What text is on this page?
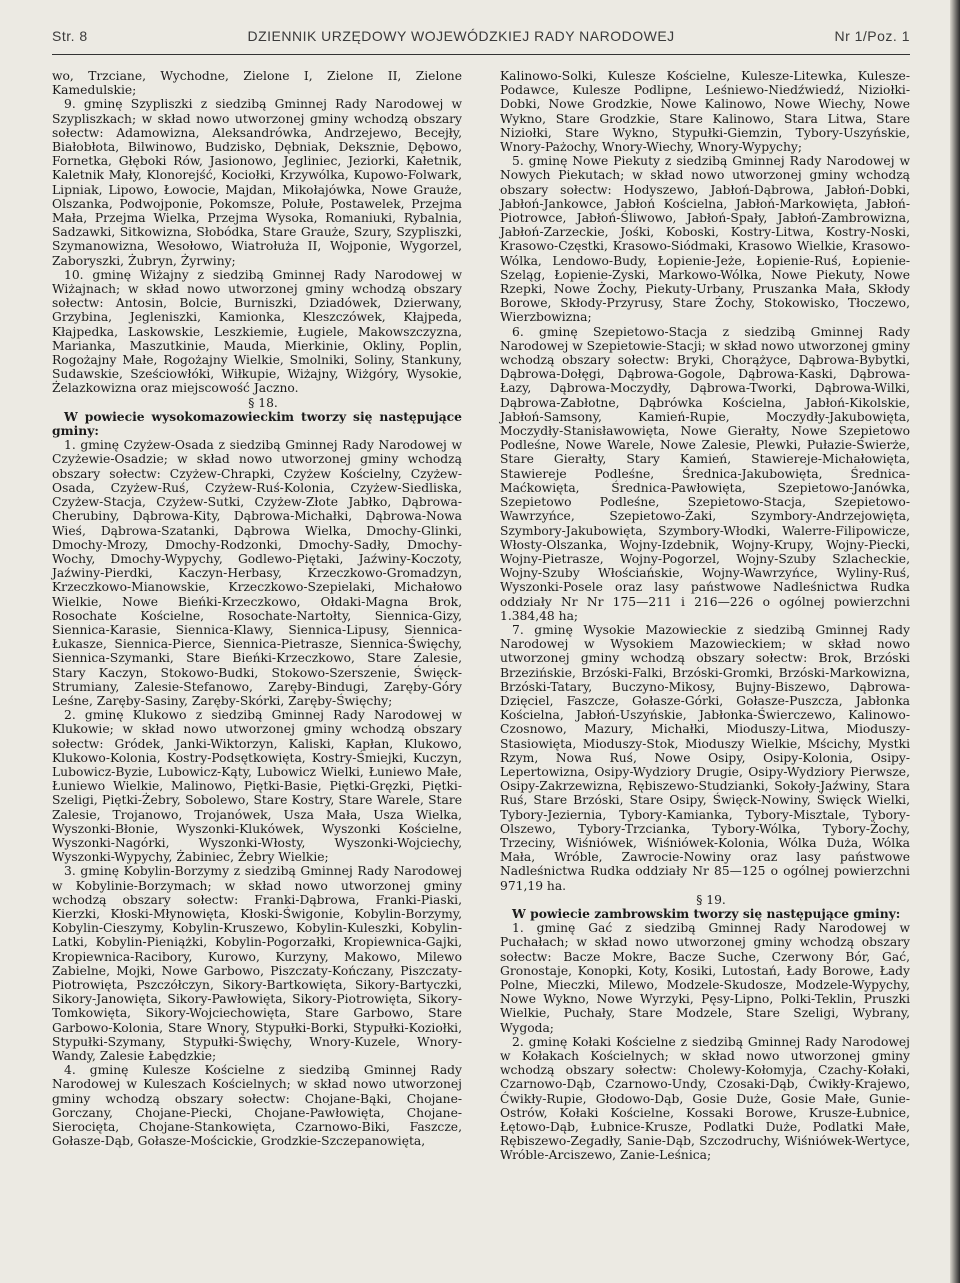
Str. 8	DZIENNIK URZĘDOWY WOJEWÓDZKIEJ RADY NARODOWEJ	Nr 1/Poz. 1

wo, Trzciane, Wychodne, Zielone I, Zielone II, Zielone Kamedulskie;

9. gminę Szypliszki z siedzibą Gminnej Rady Narodowej w Szypliszkach; w skład nowo utworzonej gminy wchodzą obszary sołectw: Adamowizna, Aleksandrówka, Andrzejewo, Becejły, Białobłota, Bilwinowo, Budzisko, Dębniak, Deksznie, Dębowo, Fornetka, Głęboki Rów, Jasionowo, Jegliniec, Jeziorki, Kałetnik, Kaletnik Mały, Klonorejść, Kociołki, Krzywólka, Kupowo-Folwark, Lipniak, Lipowo, Łowocie, Majdan, Mikołajówka, Nowe Grauże, Olszanka, Podwojponie, Pokomsze, Polułe, Postawelek, Przejma Mała, Przejma Wielka, Przejma Wysoka, Romaniuki, Rybalnia, Sadzawki, Sitkowizna, Słobódka, Stare Grauże, Szury, Szypliszki, Szymanowizna, Wesołowo, Wiatrołuża II, Wojponie, Wygorzel, Zaboryszki, Żubryn, Żyrwiny;

10. gminę Wiżajny z siedzibą Gminnej Rady Narodowej w Wiżajnach; w skład nowo utworzonej gminy wchodzą obszary sołectw: Antosin, Bolcie, Burniszki, Dziadówek, Dzierwany, Grzybina, Jegleniszki, Kamionka, Kleszczówek, Kłajpeda, Kłajpedka, Laskowskie, Leszkiemie, Ługiele, Makowszczyzna, Marianka, Maszutkinie, Mauda, Mierkinie, Okliny, Poplin, Rogożajny Małe, Rogożajny Wielkie, Smolniki, Soliny, Stankuny, Sudawskie, Sześciowłóki, Wiłkupie, Wiżajny, Wiżgóry, Wysokie, Żelazkowizna oraz miejscowość Jaczno.

§ 18.

W powiecie wysokomazowieckim tworzy się następujące gminy:

1. gminę Czyżew-Osada z siedzibą Gminnej Rady Narodowej w Czyżewie-Osadzie; w skład nowo utworzonej gminy wchodzą obszary sołectw: Czyżew-Chrapki, Czyżew Kościelny, Czyżew-Osada, Czyżew-Ruś, Czyżew-Ruś-Kolonia, Czyżew-Siedliska, Czyżew-Stacja, Czyżew-Sutki, Czyżew-Złote Jabłko, Dąbrowa-Cherubiny, Dąbrowa-Kity, Dąbrowa-Michałki, Dąbrowa-Nowa Wieś, Dąbrowa-Szatanki, Dąbrowa Wielka, Dmochy-Glinki, Dmochy-Mrozy, Dmochy-Rodzonki, Dmochy-Sadły, Dmochy-Wochy, Dmochy-Wypychy, Godlewo-Piętaki, Jaźwiny-Koczoty, Jaźwiny-Pierdki, Kaczyn-Herbasy, Krzeczkowo-Gromadzyn, Krzeczkowo-Mianowskie, Krzeczkowo-Szepielaki, Michałowo Wielkie, Nowe Bieńki-Krzeczkowo, Ołdaki-Magna Brok, Rosochate Kościelne, Rosochate-Nartołty, Siennica-Gizy, Siennica-Karasie, Siennica-Klawy, Siennica-Lipusy, Siennica-Łukasze, Siennica-Pierce, Siennica-Pietrasze, Siennica-Święchy, Siennica-Szymanki, Stare Bieńki-Krzeczkowo, Stare Zalesie, Stary Kaczyn, Stokowo-Budki, Stokowo-Szerszenie, Święck-Strumiany, Zalesie-Stefanowo, Zaręby-Bindugi, Zaręby-Góry Leśne, Zaręby-Sasiny, Zaręby-Skórki, Zaręby-Święchy;

2. gminę Klukowo z siedzibą Gminnej Rady Narodowej w Klukowie; w skład nowo utworzonej gminy wchodzą obszary sołectw: Gródek, Janki-Wiktorzyn, Kaliski, Kapłan, Klukowo, Klukowo-Kolonia, Kostry-Podsętkowięta, Kostry-Śmiejki, Kuczyn, Lubowicz-Byzie, Lubowicz-Kąty, Lubowicz Wielki, Łuniewo Małe, Łuniewo Wielkie, Malinowo, Piętki-Basie, Piętki-Gręzki, Piętki-Szeligi, Piętki-Żebry, Sobolewo, Stare Kostry, Stare Warele, Stare Zalesie, Trojanowo, Trojanówek, Usza Mała, Usza Wielka, Wyszonki-Błonie, Wyszonki-Klukówek, Wyszonki Kościelne, Wyszonki-Nagórki, Wyszonki-Włosty, Wyszonki-Wojciechy, Wyszonki-Wypychy, Żabiniec, Żebry Wielkie;

3. gminę Kobylin-Borzymy z siedzibą Gminnej Rady Narodowej w Kobylinie-Borzymach; w skład nowo utworzonej gminy wchodzą obszary sołectw: Franki-Dąbrowa, Franki-Piaski, Kierzki, Kłoski-Młynowięta, Kłoski-Świgonie, Kobylin-Borzymy, Kobylin-Cieszymy, Kobylin-Kruszewo, Kobylin-Kuleszki, Kobylin-Latki, Kobylin-Pieniążki, Kobylin-Pogorzałki, Kropiewnica-Gajki, Kropiewnica-Racibory, Kurowo, Kurzyny, Makowo, Milewo Zabielne, Mojki, Nowe Garbowo, Piszczaty-Kończany, Piszczaty-Piotrowięta, Pszczółczyn, Sikory-Bartkowięta, Sikory-Bartyczki, Sikory-Janowięta, Sikory-Pawłowięta, Sikory-Piotrowięta, Sikory-Tomkowięta, Sikory-Wojciechowięta, Stare Garbowo, Stare Garbowo-Kolonia, Stare Wnory, Stypułki-Borki, Stypułki-Koziołki, Stypułki-Szymany, Stypułki-Święchy, Wnory-Kuzele, Wnory-Wandy, Zalesie Łabędzkie;

4. gminę Kulesze Kościelne z siedzibą Gminnej Rady Narodowej w Kuleszach Kościelnych; w skład nowo utworzonej gminy wchodzą obszary sołectw: Chojane-Bąki, Chojane-Gorczany, Chojane-Piecki, Chojane-Pawłowięta, Chojane-Sierocięta, Chojane-Stankowięta, Czarnowo-Biki, Faszcze, Gołasze-Dąb, Gołasze-Mościckie, Grodzkie-Szczepanowięta,

Kalinowo-Solki, Kulesze Kościelne, Kulesze-Litewka, Kulesze-Podawce, Kulesze Podlipne, Leśniewo-Niedźwiedź, Niziołki-Dobki, Nowe Grodzkie, Nowe Kalinowo, Nowe Wiechy, Nowe Wykno, Stare Grodzkie, Stare Kalinowo, Stara Litwa, Stare Niziołki, Stare Wykno, Stypułki-Giemzin, Tybory-Uszyńskie, Wnory-Pażochy, Wnory-Wiechy, Wnory-Wypychy;

5. gminę Nowe Piekuty z siedzibą Gminnej Rady Narodowej w Nowych Piekutach; w skład nowo utworzonej gminy wchodzą obszary sołectw: Hodyszewo, Jabłoń-Dąbrowa, Jabłoń-Dobki, Jabłoń-Jankowce, Jabłoń Kościelna, Jabłoń-Markowięta, Jabłoń-Piotrowce, Jabłoń-Śliwowo, Jabłoń-Spały, Jabłoń-Zambrowizna, Jabłoń-Zarzeckie, Jośki, Koboski, Kostry-Litwa, Kostry-Noski, Krasowo-Częstki, Krasowo-Siódmaki, Krasowo Wielkie, Krasowo-Wólka, Lendowo-Budy, Łopienie-Jeże, Łopienie-Ruś, Łopienie-Szeląg, Łopienie-Zyski, Markowo-Wólka, Nowe Piekuty, Nowe Rzepki, Nowe Żochy, Piekuty-Urbany, Pruszanka Mała, Skłody Borowe, Skłody-Przyrusy, Stare Żochy, Stokowisko, Tłoczewo, Wierzbowizna;

6. gminę Szepietowo-Stacja z siedzibą Gminnej Rady Narodowej w Szepietowie-Stacji; w skład nowo utworzonej gminy wchodzą obszary sołectw: Bryki, Chorążyce, Dąbrowa-Bybytki, Dąbrowa-Dołęgi, Dąbrowa-Gogole, Dąbrowa-Kaski, Dąbrowa-Łazy, Dąbrowa-Moczydły, Dąbrowa-Tworki, Dąbrowa-Wilki, Dąbrowa-Zabłotne, Dąbrówka Kościelna, Jabłoń-Kikolskie, Jabłoń-Samsony, Kamień-Rupie, Moczydły-Jakubowięta, Moczydły-Stanisławowięta, Nowe Gierałty, Nowe Szepietowo Podleśne, Nowe Warele, Nowe Zalesie, Plewki, Pułazie-Świerże, Stare Gierałty, Stary Kamień, Stawiereje-Michałowięta, Stawiereje Podleśne, Średnica-Jakubowięta, Średnica-Maćkowięta, Średnica-Pawłowięta, Szepietowo-Janówka, Szepietowo Podleśne, Szepietowo-Stacja, Szepietowo-Wawrzyńce, Szepietowo-Żaki, Szymbory-Andrzejowięta, Szymbory-Jakubowięta, Szymbory-Włodki, Walerre-Filipowicze, Włosty-Olszanka, Wojny-Izdebnik, Wojny-Krupy, Wojny-Piecki, Wojny-Pietrasze, Wojny-Pogorzel, Wojny-Szuby Szlacheckie, Wojny-Szuby Włościańskie, Wojny-Wawrzyńce, Wyliny-Ruś, Wyszonki-Posele oraz lasy państwowe Nadleśnictwa Rudka oddziały Nr Nr 175—211 i 216—226 o ogólnej powierzchni 1.384,48 ha;

7. gminę Wysokie Mazowieckie z siedzibą Gminnej Rady Narodowej w Wysokiem Mazowieckiem; w skład nowo utworzonej gminy wchodzą obszary sołectw: Brok, Brzóski Brzezińskie, Brzóski-Falki, Brzóski-Gromki, Brzóski-Markowizna, Brzóski-Tatary, Buczyno-Mikosy, Bujny-Biszewo, Dąbrowa-Dzięciel, Faszcze, Gołasze-Górki, Gołasze-Puszcza, Jabłonka Kościelna, Jabłoń-Uszyńskie, Jabłonka-Świerczewo, Kalinowo-Czosnowo, Mazury, Michałki, Mioduszy-Litwa, Mioduszy-Stasiowięta, Mioduszy-Stok, Mioduszy Wielkie, Mścichy, Mystki Rzym, Nowa Ruś, Nowe Osipy, Osipy-Kolonia, Osipy-Lepertowizna, Osipy-Wydziory Drugie, Osipy-Wydziory Pierwsze, Osipy-Zakrzewizna, Rębiszewo-Studzianki, Sokoły-Jaźwiny, Stara Ruś, Stare Brzóski, Stare Osipy, Święck-Nowiny, Święck Wielki, Tybory-Jeziernia, Tybory-Kamianka, Tybory-Misztale, Tybory-Olszewo, Tybory-Trzcianka, Tybory-Wólka, Tybory-Żochy, Trzeciny, Wiśniówek, Wiśniówek-Kolonia, Wólka Duża, Wólka Mała, Wróble, Zawrocie-Nowiny oraz lasy państwowe Nadleśnictwa Rudka oddziały Nr 85—125 o ogólnej powierzchni 971,19 ha.

§ 19.

W powiecie zambrowskim tworzy się następujące gminy:

1. gminę Gać z siedzibą Gminnej Rady Narodowej w Puchałach; w skład nowo utworzonej gminy wchodzą obszary sołectw: Bacze Mokre, Bacze Suche, Czerwony Bór, Gać, Gronostaje, Konopki, Koty, Kosiki, Lutostań, Łady Borowe, Łady Polne, Mieczki, Milewo, Modzele-Skudosze, Modzele-Wypychy, Nowe Wykno, Nowe Wyrzyki, Pęsy-Lipno, Polki-Teklin, Pruszki Wielkie, Puchały, Stare Modzele, Stare Szeligi, Wybrany, Wygoda;

2. gminę Kołaki Kościelne z siedzibą Gminnej Rady Narodowej w Kołakach Kościelnych; w skład nowo utworzonej gminy wchodzą obszary sołectw: Cholewy-Kołomyja, Czachy-Kołaki, Czarnowo-Dąb, Czarnowo-Undy, Czosaki-Dąb, Ćwikły-Krajewo, Ćwikły-Rupie, Głodowo-Dąb, Gosie Duże, Gosie Małe, Gunie-Ostrów, Kołaki Kościelne, Kossaki Borowe, Krusze-Łubnice, Łętowo-Dąb, Łubnice-Krusze, Podlatki Duże, Podlatki Małe, Rębiszewo-Zegadły, Sanie-Dąb, Szczodruchy, Wiśniówek-Wertyce, Wróble-Arciszewo, Zanie-Leśnica;
